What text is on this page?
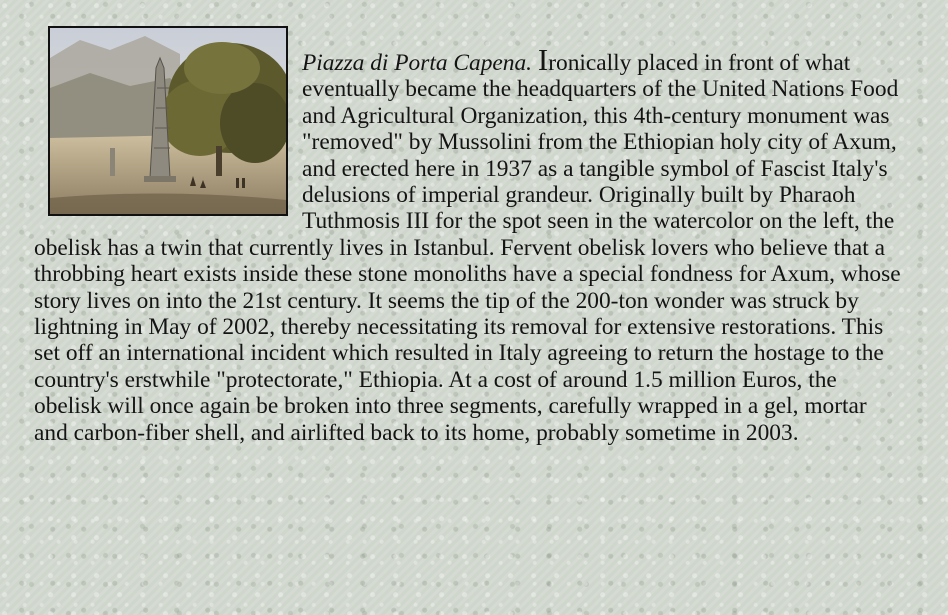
Piazza di Porta Capena. Ironically placed in front of what eventually became the headquarters of the United Nations Food and Agricultural Organization, this 4th-century monument was "removed" by Mussolini from the Ethiopian holy city of Axum, and erected here in 1937 as a tangible symbol of Fascist Italy's delusions of imperial grandeur. Originally built by Pharaoh Tuthmosis III for the spot seen in the watercolor on the left, the obelisk has a twin that currently lives in Istanbul. Fervent obelisk lovers who believe that a throbbing heart exists inside these stone monoliths have a special fondness for Axum, whose story lives on into the 21st century. It seems the tip of the 200-ton wonder was struck by lightning in May of 2002, thereby necessitating its removal for extensive restorations. This set off an international incident which resulted in Italy agreeing to return the hostage to the country's erstwhile "protectorate," Ethiopia. At a cost of around 1.5 million Euros, the obelisk will once again be broken into three segments, carefully wrapped in a gel, mortar and carbon-fiber shell, and airlifted back to its home, probably sometime in 2003.
